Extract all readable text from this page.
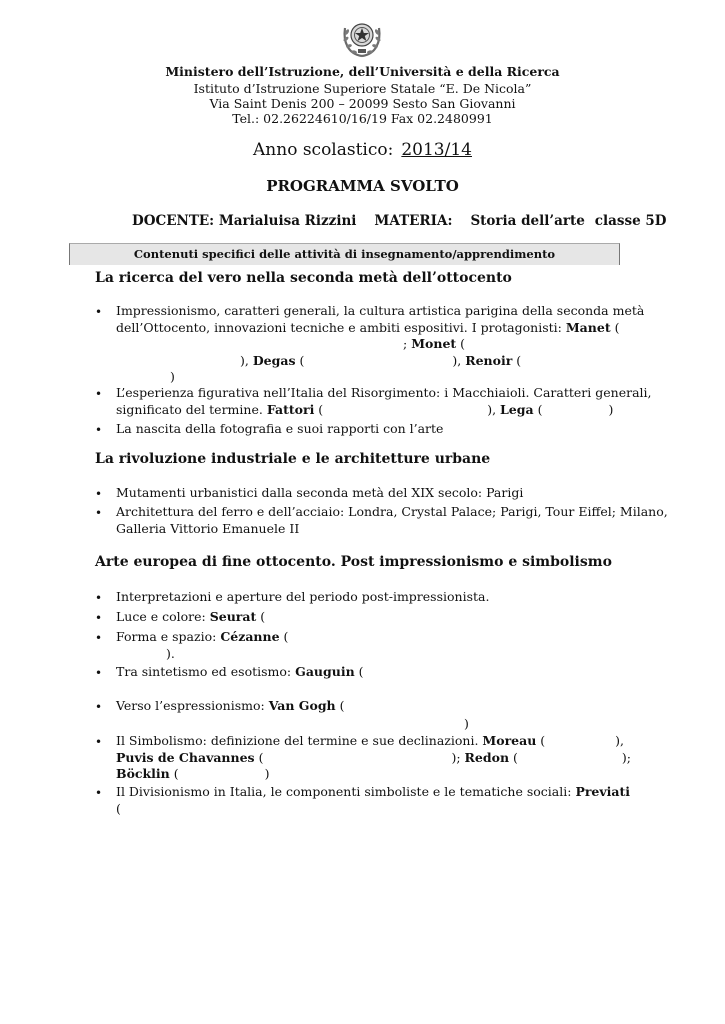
Ministero dell’Istruzione, dell’Università e della Ricerca
Istituto d’Istruzione Superiore Statale “E. De Nicola”
Via Saint Denis 200 – 20099 Sesto San Giovanni
Tel.: 02.26224610/16/19 Fax 02.2480991
Anno scolastico: 2013/14
PROGRAMMA SVOLTO
DOCENTE: Marialuisa Rizzini MATERIA: Storia dell’arte classe 5D
Contenuti specifici delle attività di insegnamento/apprendimento
La ricerca del vero nella seconda metà dell’ottocento
• Impressionismo, caratteri generali, la cultura artistica parigina della seconda metà
dell’Ottocento, innovazioni tecniche e ambiti espositivi. I protagonisti: Manet (
; Monet (
), Degas (	), Renoir (
)
• L’esperienza figurativa nell’Italia del Risorgimento: i Macchiaioli. Caratteri generali,
significato del termine. Fattori (	), Lega (	)
• La nascita della fotografia e suoi rapporti con l’arte
La rivoluzione industriale e le architetture urbane
• Mutamenti urbanistici dalla seconda metà del XIX secolo: Parigi
• Architettura del ferro e dell’acciaio: Londra, Crystal Palace; Parigi, Tour Eiffel; Milano,
Galleria Vittorio Emanuele II
Arte europea di fine ottocento. Post impressionismo e simbolismo
• Interpretazioni e aperture del periodo post-impressionista.
• Luce e colore: Seurat (
• Forma e spazio: Cézanne (
).
• Tra sintetismo ed esotismo: Gauguin (
• Verso l’espressionismo: Van Gogh (
)
• Il Simbolismo: definizione del termine e sue declinazioni. Moreau (	),
Puvis de Chavannes (	); Redon (	);
Böcklin (	)
• Il Divisionismo in Italia, le componenti simboliste e le tematiche sociali: Previati
(
